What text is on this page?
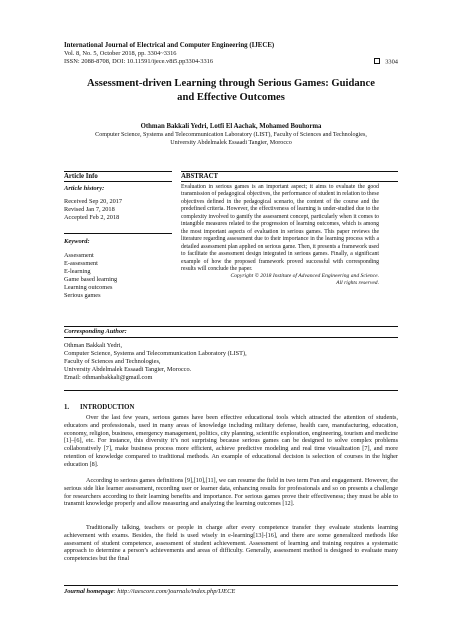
International Journal of Electrical and Computer Engineering (IJECE)
Vol. 8, No. 5, October 2018, pp. 3304~3316
ISSN: 2088-8708, DOI: 10.11591/ijece.v8i5.pp3304-3316	3304
Assessment-driven Learning through Serious Games: Guidance
and Effective Outcomes
Othman Bakkali Yedri, Lotfi El Aachak, Mohamed Bouhorma
Computer Science, Systems and Telecommunication Laboratory (LIST), Faculty of Sciences and Technologies,
University Abdelmalek Essaadi Tangier, Morocco
Article Info	ABSTRACT
Article history:
Received Sep 20, 2017
Revised Jan 7, 2018
Accepted Feb 2, 2018
Keyword:
Assessment
E-assessment
E-learning
Game based learning
Learning outcomes
Serious games
Evaluation in serious games is an important aspect; it aims to evaluate the good transmission of pedagogical objectives, the performance of student in relation to these objectives defined in the pedagogical scenario, the content of the course and the predefined criteria. However, the effectiveness of learning is under-studied due to the complexity involved to gamify the assessment concept, particularly when it comes to intangible measures related to the progression of learning outcomes, which is among the most important aspects of evaluation in serious games. This paper reviews the literature regarding assessment due to their importance in the learning process with a detailed assessment plan applied on serious game. Then, it presents a framework used to facilitate the assessment design integrated in serious games. Finally, a significant example of how the proposed framework proved successful with corresponding results will conclude the paper.
Copyright © 2018 Institute of Advanced Engineering and Science.
All rights reserved.
Corresponding Author:
Othman Bakkali Yedri,
Computer Science, Systems and Telecommunication Laboratory (LIST),
Faculty of Sciences and Technologies,
University Abdelmalek Essaadi Tangier, Morocco.
Email: othmanbakkali@gmail.com
1. INTRODUCTION
Over the last few years, serious games have been effective educational tools which attracted the attention of students, educators and professionals, used in many areas of knowledge including military defense, health care, manufacturing, education, economy, religion, business, emergency management, politics, city planning, scientific exploration, engineering, tourism and medicine [1]–[6], etc. For instance, this diversity it’s not surprising because serious games can be designed to solve complex problems collaboratively [7], make business process more efficient, achieve predictive modeling and real time visualization [7], and more retention of knowledge compared to traditional methods. An example of educational decision is selection of courses in the higher education [8].
According to serious games definitions [9],[10],[11], we can resume the field in two term Fun and engagement. However, the serious side like learner assessment, recording user or learner data, enhancing results for professionals and so on presents a challenge for researchers according to their learning benefits and importance. For serious games prove their effectiveness; they must be able to transmit knowledge properly and allow measuring and analyzing the learning outcomes [12].
Traditionally talking, teachers or people in charge after every competence transfer they evaluate students learning achievement with exams. Besides, the field is used wisely in e-learning[13]-[16], and there are some generalized methods like assessment of student competence, assessment of student achievement. Assessment of learning and training requires a systematic approach to determine a person’s achievements and areas of difficulty. Generally, assessment method is designed to evaluate many competencies but the final
Journal homepage: http://iaescore.com/journals/index.php/IJECE
